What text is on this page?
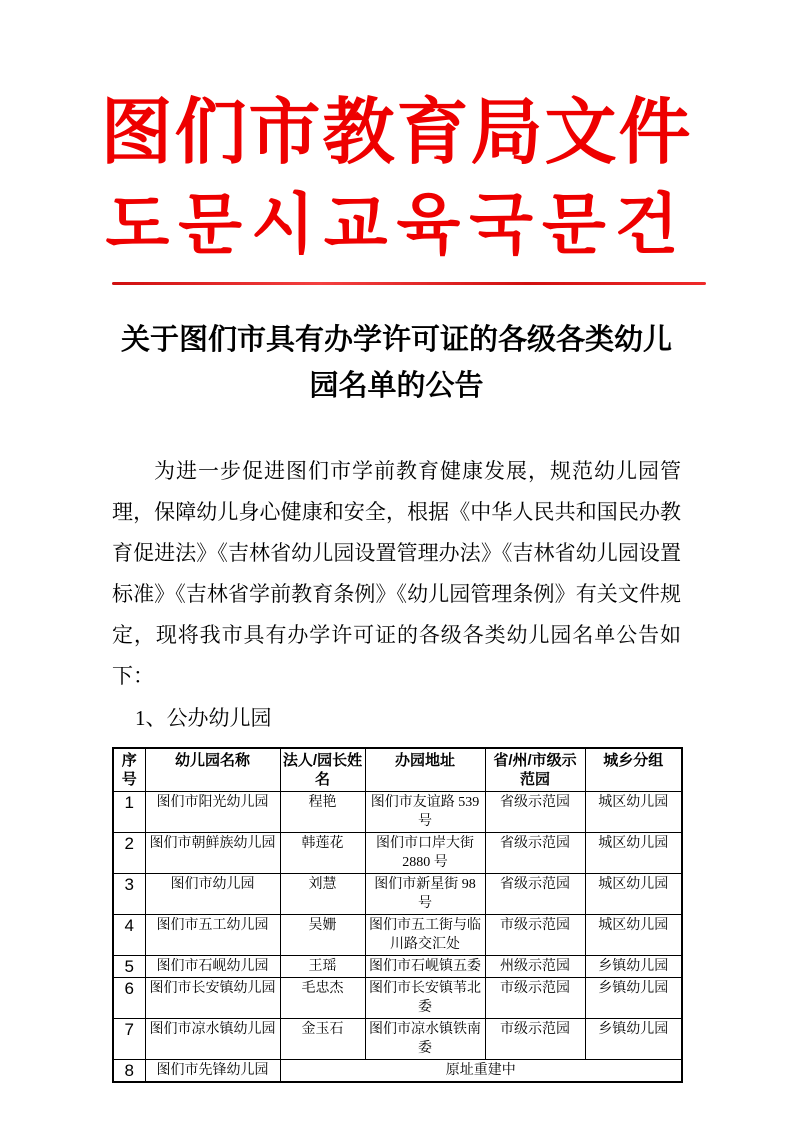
图们市教育局文件
도문시교육국문건
关于图们市具有办学许可证的各级各类幼儿园名单的公告

为进一步促进图们市学前教育健康发展，规范幼儿园管理，保障幼儿身心健康和安全，根据《中华人民共和国民办教育促进法》《吉林省幼儿园设置管理办法》《吉林省幼儿园设置标准》《吉林省学前教育条例》《幼儿园管理条例》有关文件规定，现将我市具有办学许可证的各级各类幼儿园名单公告如下：

1、公办幼儿园
序号	幼儿园名称	法人/园长姓名	办园地址	省/州/市级示范园	城乡分组
1	图们市阳光幼儿园	程艳	图们市友谊路 539 号	省级示范园	城区幼儿园
2	图们市朝鲜族幼儿园	韩莲花	图们市口岸大街 2880 号	省级示范园	城区幼儿园
3	图们市幼儿园	刘慧	图们市新星街 98 号	省级示范园	城区幼儿园
4	图们市五工幼儿园	吴姗	图们市五工街与临川路交汇处	市级示范园	城区幼儿园
5	图们市石岘幼儿园	王瑶	图们市石岘镇五委	州级示范园	乡镇幼儿园
6	图们市长安镇幼儿园	毛忠杰	图们市长安镇苇北委	市级示范园	乡镇幼儿园
7	图们市凉水镇幼儿园	金玉石	图们市凉水镇铁南委	市级示范园	乡镇幼儿园
8	图们市先锋幼儿园	原址重建中			
